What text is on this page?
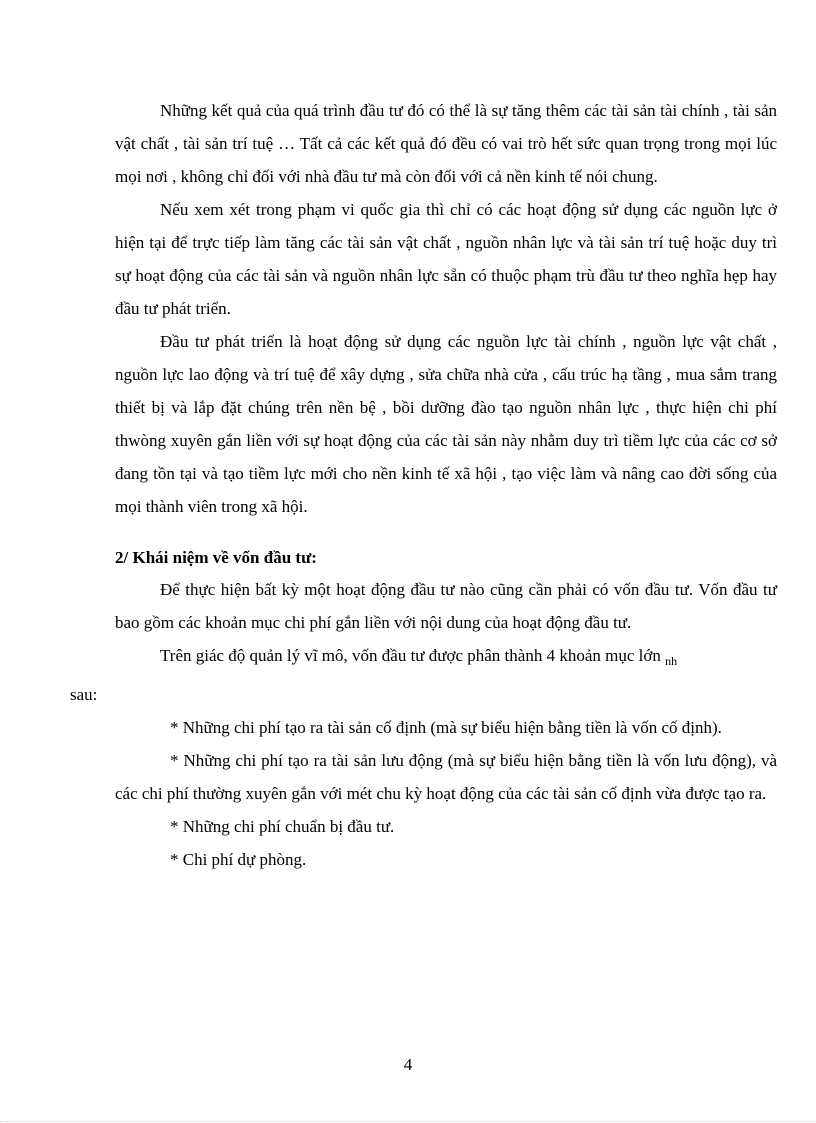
Những kết quả của quá trình đầu tư đó có thể là sự tăng thêm các tài sản tài chính , tài sản vật chất , tài sản trí tuệ … Tất cả các kết quả đó đều có vai trò hết sức quan trọng trong mọi lúc mọi nơi , không chỉ đối với nhà đầu tư mà còn đối với cả nền kinh tế nói chung.

Nếu xem xét trong phạm vi quốc gia thì chỉ có các hoạt động sử dụng các nguồn lực ở hiện tại để trực tiếp làm tăng các tài sản vật chất , nguồn nhân lực và tài sản trí tuệ hoặc duy trì sự hoạt động của các tài sản và nguồn nhân lực sẵn có thuộc phạm trù đầu tư theo nghĩa hẹp hay đầu tư phát triển.

Đầu tư phát triển là hoạt động sử dụng các nguồn lực tài chính , nguồn lực vật chất , nguồn lực lao động và trí tuệ để xây dựng , sửa chữa nhà cửa , cấu trúc hạ tầng , mua sắm trang thiết bị và lắp đặt chúng trên nền bệ , bồi dưỡng đào tạo nguồn nhân lực , thực hiện chi phí thwòng xuyên gắn liền với sự hoạt động của các tài sản này nhằm duy trì tiềm lực của các cơ sở đang tồn tại và tạo tiềm lực mới cho nền kinh tế xã hội , tạo việc làm và nâng cao đời sống của mọi thành viên trong xã hội.

2/ Khái niệm về vốn đầu tư:

Để thực hiện bất kỳ một hoạt động đầu tư nào cũng cần phải có vốn đầu tư. Vốn đầu tư bao gồm các khoản mục chi phí gắn liền với nội dung của hoạt động đầu tư.

Trên giác độ quản lý vĩ mô, vốn đầu tư được phân thành 4 khoản mục lớn $_{nh}$
sau:

* Những chi phí tạo ra tài sản cố định (mà sự biểu hiện bằng tiền là vốn cố định).

* Những chi phí tạo ra tài sản lưu động (mà sự biểu hiện bằng tiền là vốn lưu động), và các chi phí thường xuyên gắn với mét chu kỳ hoạt động của các tài sản cố định vừa được tạo ra.

* Những chi phí chuẩn bị đầu tư.

* Chi phí dự phòng.

4
